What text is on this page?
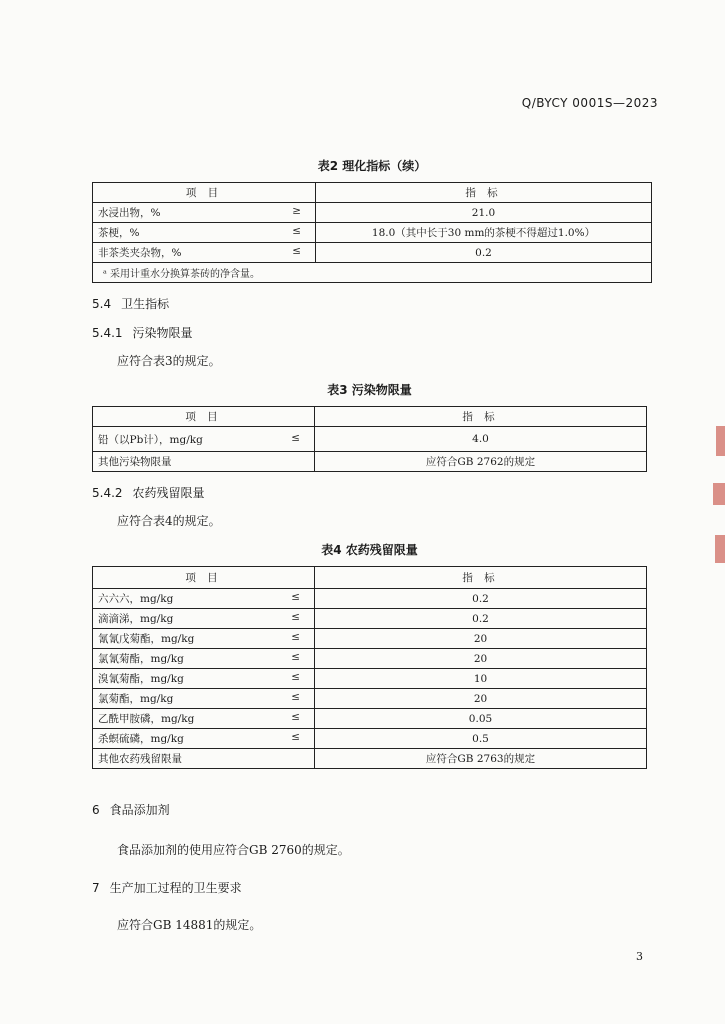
Q/BYCY 0001S—2023
表2 理化指标（续）
项 目	指 标
水浸出物，% ≥	21.0
茶梗，% ≤	18.0（其中长于30 mm的茶梗不得超过1.0%）
非茶类夹杂物，% ≤	0.2
ᵃ 采用计重水分换算茶砖的净含量。	
5.4 卫生指标
5.4.1 污染物限量
应符合表3的规定。
表3 污染物限量
项 目	指 标
铅（以Pb计），mg/kg ≤	4.0
其他污染物限量	应符合GB 2762的规定
5.4.2 农药残留限量
应符合表4的规定。
表4 农药残留限量
项 目	指 标
六六六，mg/kg ≤	0.2
滴滴涕，mg/kg ≤	0.2
氰氰戊菊酯，mg/kg ≤	20
氯氰菊酯，mg/kg ≤	20
溴氰菊酯，mg/kg ≤	10
氯菊酯，mg/kg ≤	20
乙酰甲胺磷，mg/kg ≤	0.05
杀螟硫磷，mg/kg ≤	0.5
其他农药残留限量	应符合GB 2763的规定
6 食品添加剂
食品添加剂的使用应符合GB 2760的规定。
7 生产加工过程的卫生要求
应符合GB 14881的规定。
3
